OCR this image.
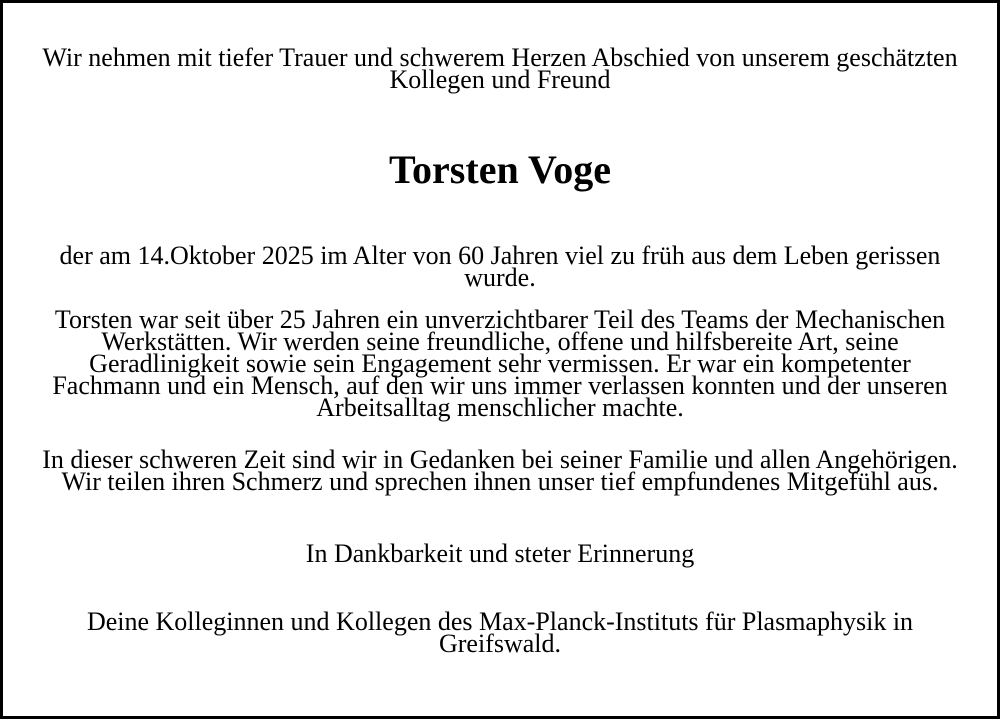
Wir nehmen mit tiefer Trauer und schwerem Herzen Abschied von unserem geschätzten
Kollegen und Freund

Torsten Voge

der am 14.Oktober 2025 im Alter von 60 Jahren viel zu früh aus dem Leben gerissen
wurde.

Torsten war seit über 25 Jahren ein unverzichtbarer Teil des Teams der Mechanischen
Werkstätten. Wir werden seine freundliche, offene und hilfsbereite Art, seine
Geradlinigkeit sowie sein Engagement sehr vermissen. Er war ein kompetenter
Fachmann und ein Mensch, auf den wir uns immer verlassen konnten und der unseren
Arbeitsalltag menschlicher machte.

In dieser schweren Zeit sind wir in Gedanken bei seiner Familie und allen Angehörigen.
Wir teilen ihren Schmerz und sprechen ihnen unser tief empfundenes Mitgefühl aus.

In Dankbarkeit und steter Erinnerung

Deine Kolleginnen und Kollegen des Max-Planck-Instituts für Plasmaphysik in
Greifswald.
